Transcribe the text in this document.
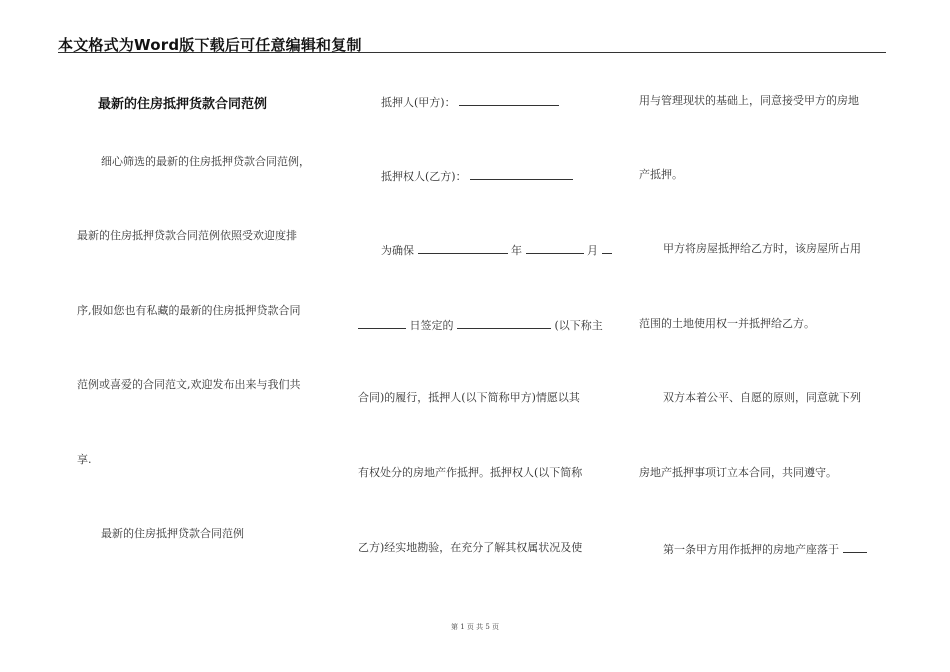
本文格式为Word版下载后可任意编辑和复制
最新的住房抵押货款合同范例
细心筛选的最新的住房抵押贷款合同范例，
最新的住房抵押贷款合同范例依照受欢迎度排
序,假如您也有私藏的最新的住房抵押贷款合同
范例或喜爱的合同范文,欢迎发布出来与我们共
享.
最新的住房抵押贷款合同范例
抵押人(甲方)：
抵押权人(乙方)：
为确保	年	月
日签定的	(以下称主
合同)的履行，抵押人(以下简称甲方)情愿以其
有权处分的房地产作抵押。抵押权人(以下简称
乙方)经实地勘验，在充分了解其权属状况及使
用与管理现状的基础上，同意接受甲方的房地
产抵押。
甲方将房屋抵押给乙方时，该房屋所占用
范围的土地使用权一并抵押给乙方。
双方本着公平、自愿的原则，同意就下列
房地产抵押事项订立本合同，共同遵守。
第一条甲方用作抵押的房地产座落于
第 1 页 共 5 页
